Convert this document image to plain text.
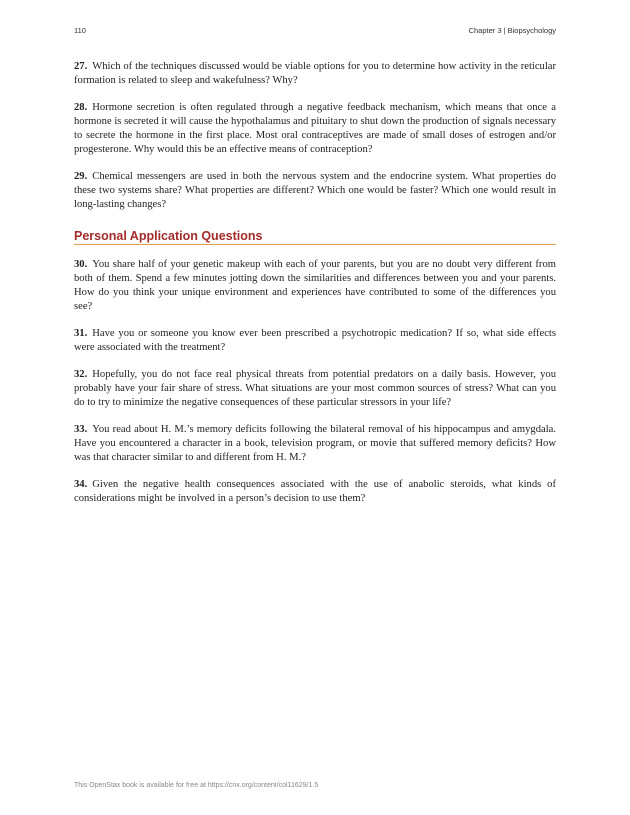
110	Chapter 3 | Biopsychology

27. Which of the techniques discussed would be viable options for you to determine how activity in the reticular formation is related to sleep and wakefulness? Why?

28. Hormone secretion is often regulated through a negative feedback mechanism, which means that once a hormone is secreted it will cause the hypothalamus and pituitary to shut down the production of signals necessary to secrete the hormone in the first place. Most oral contraceptives are made of small doses of estrogen and/or progesterone. Why would this be an effective means of contraception?

29. Chemical messengers are used in both the nervous system and the endocrine system. What properties do these two systems share? What properties are different? Which one would be faster? Which one would result in long-lasting changes?

Personal Application Questions

30. You share half of your genetic makeup with each of your parents, but you are no doubt very different from both of them. Spend a few minutes jotting down the similarities and differences between you and your parents. How do you think your unique environment and experiences have contributed to some of the differences you see?

31. Have you or someone you know ever been prescribed a psychotropic medication? If so, what side effects were associated with the treatment?

32. Hopefully, you do not face real physical threats from potential predators on a daily basis. However, you probably have your fair share of stress. What situations are your most common sources of stress? What can you do to try to minimize the negative consequences of these particular stressors in your life?

33. You read about H. M.’s memory deficits following the bilateral removal of his hippocampus and amygdala. Have you encountered a character in a book, television program, or movie that suffered memory deficits? How was that character similar to and different from H. M.?

34. Given the negative health consequences associated with the use of anabolic steroids, what kinds of considerations might be involved in a person’s decision to use them?

This OpenStax book is available for free at https://cnx.org/content/col11629/1.5
